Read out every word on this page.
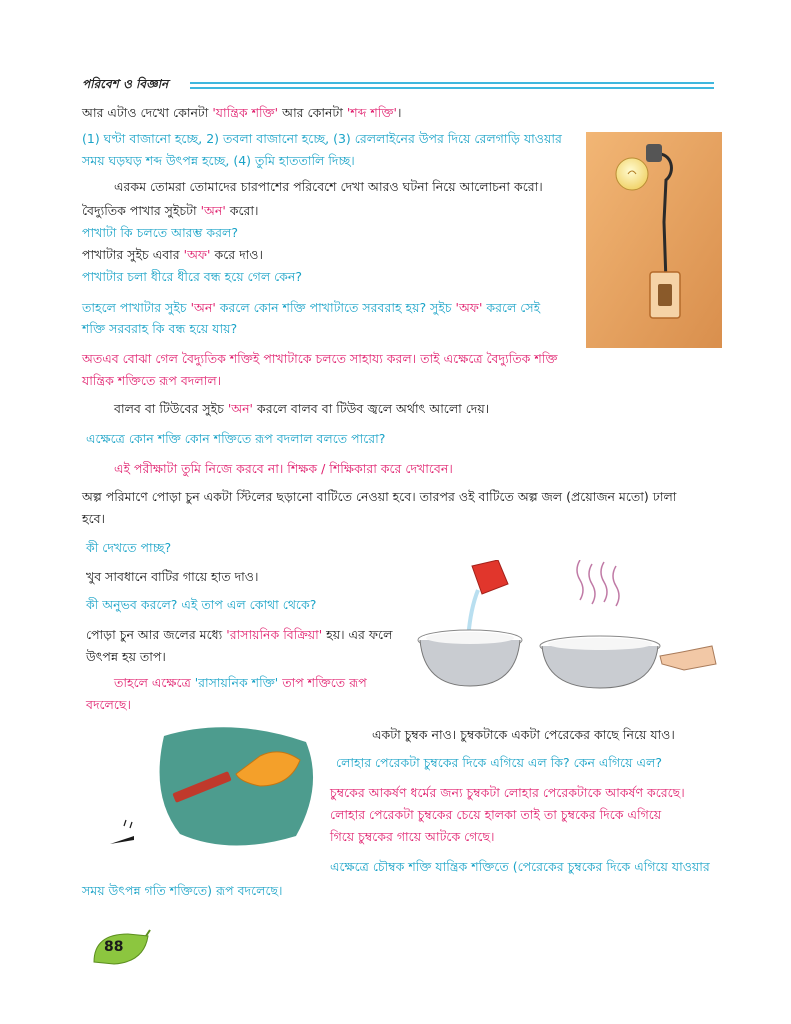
পরিবেশ ও বিজ্ঞান
আর এটাও দেখো কোনটা 'যান্ত্রিক শক্তি' আর কোনটা 'শব্দ শক্তি'।
(1) ঘণ্টা বাজানো হচ্ছে, 2) তবলা বাজানো হচ্ছে, (3) রেললাইনের উপর দিয়ে রেলগাড়ি যাওয়ার
সময় ঘড়ঘড় শব্দ উৎপন্ন হচ্ছে, (4) তুমি হাততালি দিচ্ছ।
এরকম তোমরা তোমাদের চারপাশের পরিবেশে দেখা আরও ঘটনা নিয়ে আলোচনা করো।
বৈদ্যুতিক পাখার সুইচটা 'অন' করো।
পাখাটা কি চলতে আরম্ভ করল?
পাখাটার সুইচ এবার 'অফ' করে দাও।
পাখাটার চলা ধীরে ধীরে বন্ধ হয়ে গেল কেন?
তাহলে পাখাটার সুইচ 'অন' করলে কোন শক্তি পাখাটাতে সরবরাহ হয়? সুইচ 'অফ' করলে সেই
শক্তি সরবরাহ কি বন্ধ হয়ে যায়?
অতএব বোঝা গেল বৈদ্যুতিক শক্তিই পাখাটাকে চলতে সাহায্য করল। তাই এক্ষেত্রে বৈদ্যুতিক শক্তি
যান্ত্রিক শক্তিতে রূপ বদলাল।
বালব বা টিউবের সুইচ 'অন' করলে বালব বা টিউব জ্বলে অর্থাৎ আলো দেয়।
এক্ষেত্রে কোন শক্তি কোন শক্তিতে রূপ বদলাল বলতে পারো?
এই পরীক্ষাটা তুমি নিজে করবে না। শিক্ষক / শিক্ষিকারা করে দেখাবেন।
অল্প পরিমাণে পোড়া চুন একটা স্টিলের ছড়ানো বাটিতে নেওয়া হবে। তারপর ওই বাটিতে অল্প জল (প্রয়োজন মতো) ঢালা
হবে।
কী দেখতে পাচ্ছ?
খুব সাবধানে বাটির গায়ে হাত দাও।
কী অনুভব করলে? এই তাপ এল কোথা থেকে?
পোড়া চুন আর জলের মধ্যে 'রাসায়নিক বিক্রিয়া' হয়। এর ফলে
উৎপন্ন হয় তাপ।
তাহলে এক্ষেত্রে 'রাসায়নিক শক্তি' তাপ শক্তিতে রূপ
বদলেছে।
একটা চুম্বক নাও। চুম্বকটাকে একটা পেরেকের কাছে নিয়ে যাও।
লোহার পেরেকটা চুম্বকের দিকে এগিয়ে এল কি? কেন এগিয়ে এল?
চুম্বকের আকর্ষণ ধর্মের জন্য চুম্বকটা লোহার পেরেকটাকে আকর্ষণ করেছে।
লোহার পেরেকটা চুম্বকের চেয়ে হালকা তাই তা চুম্বকের দিকে এগিয়ে
গিয়ে চুম্বকের গায়ে আটকে গেছে।
এক্ষেত্রে চৌম্বক শক্তি যান্ত্রিক শক্তিতে (পেরেকের চুম্বকের দিকে এগিয়ে যাওয়ার
সময় উৎপন্ন গতি শক্তিতে) রূপ বদলেছে।
88
